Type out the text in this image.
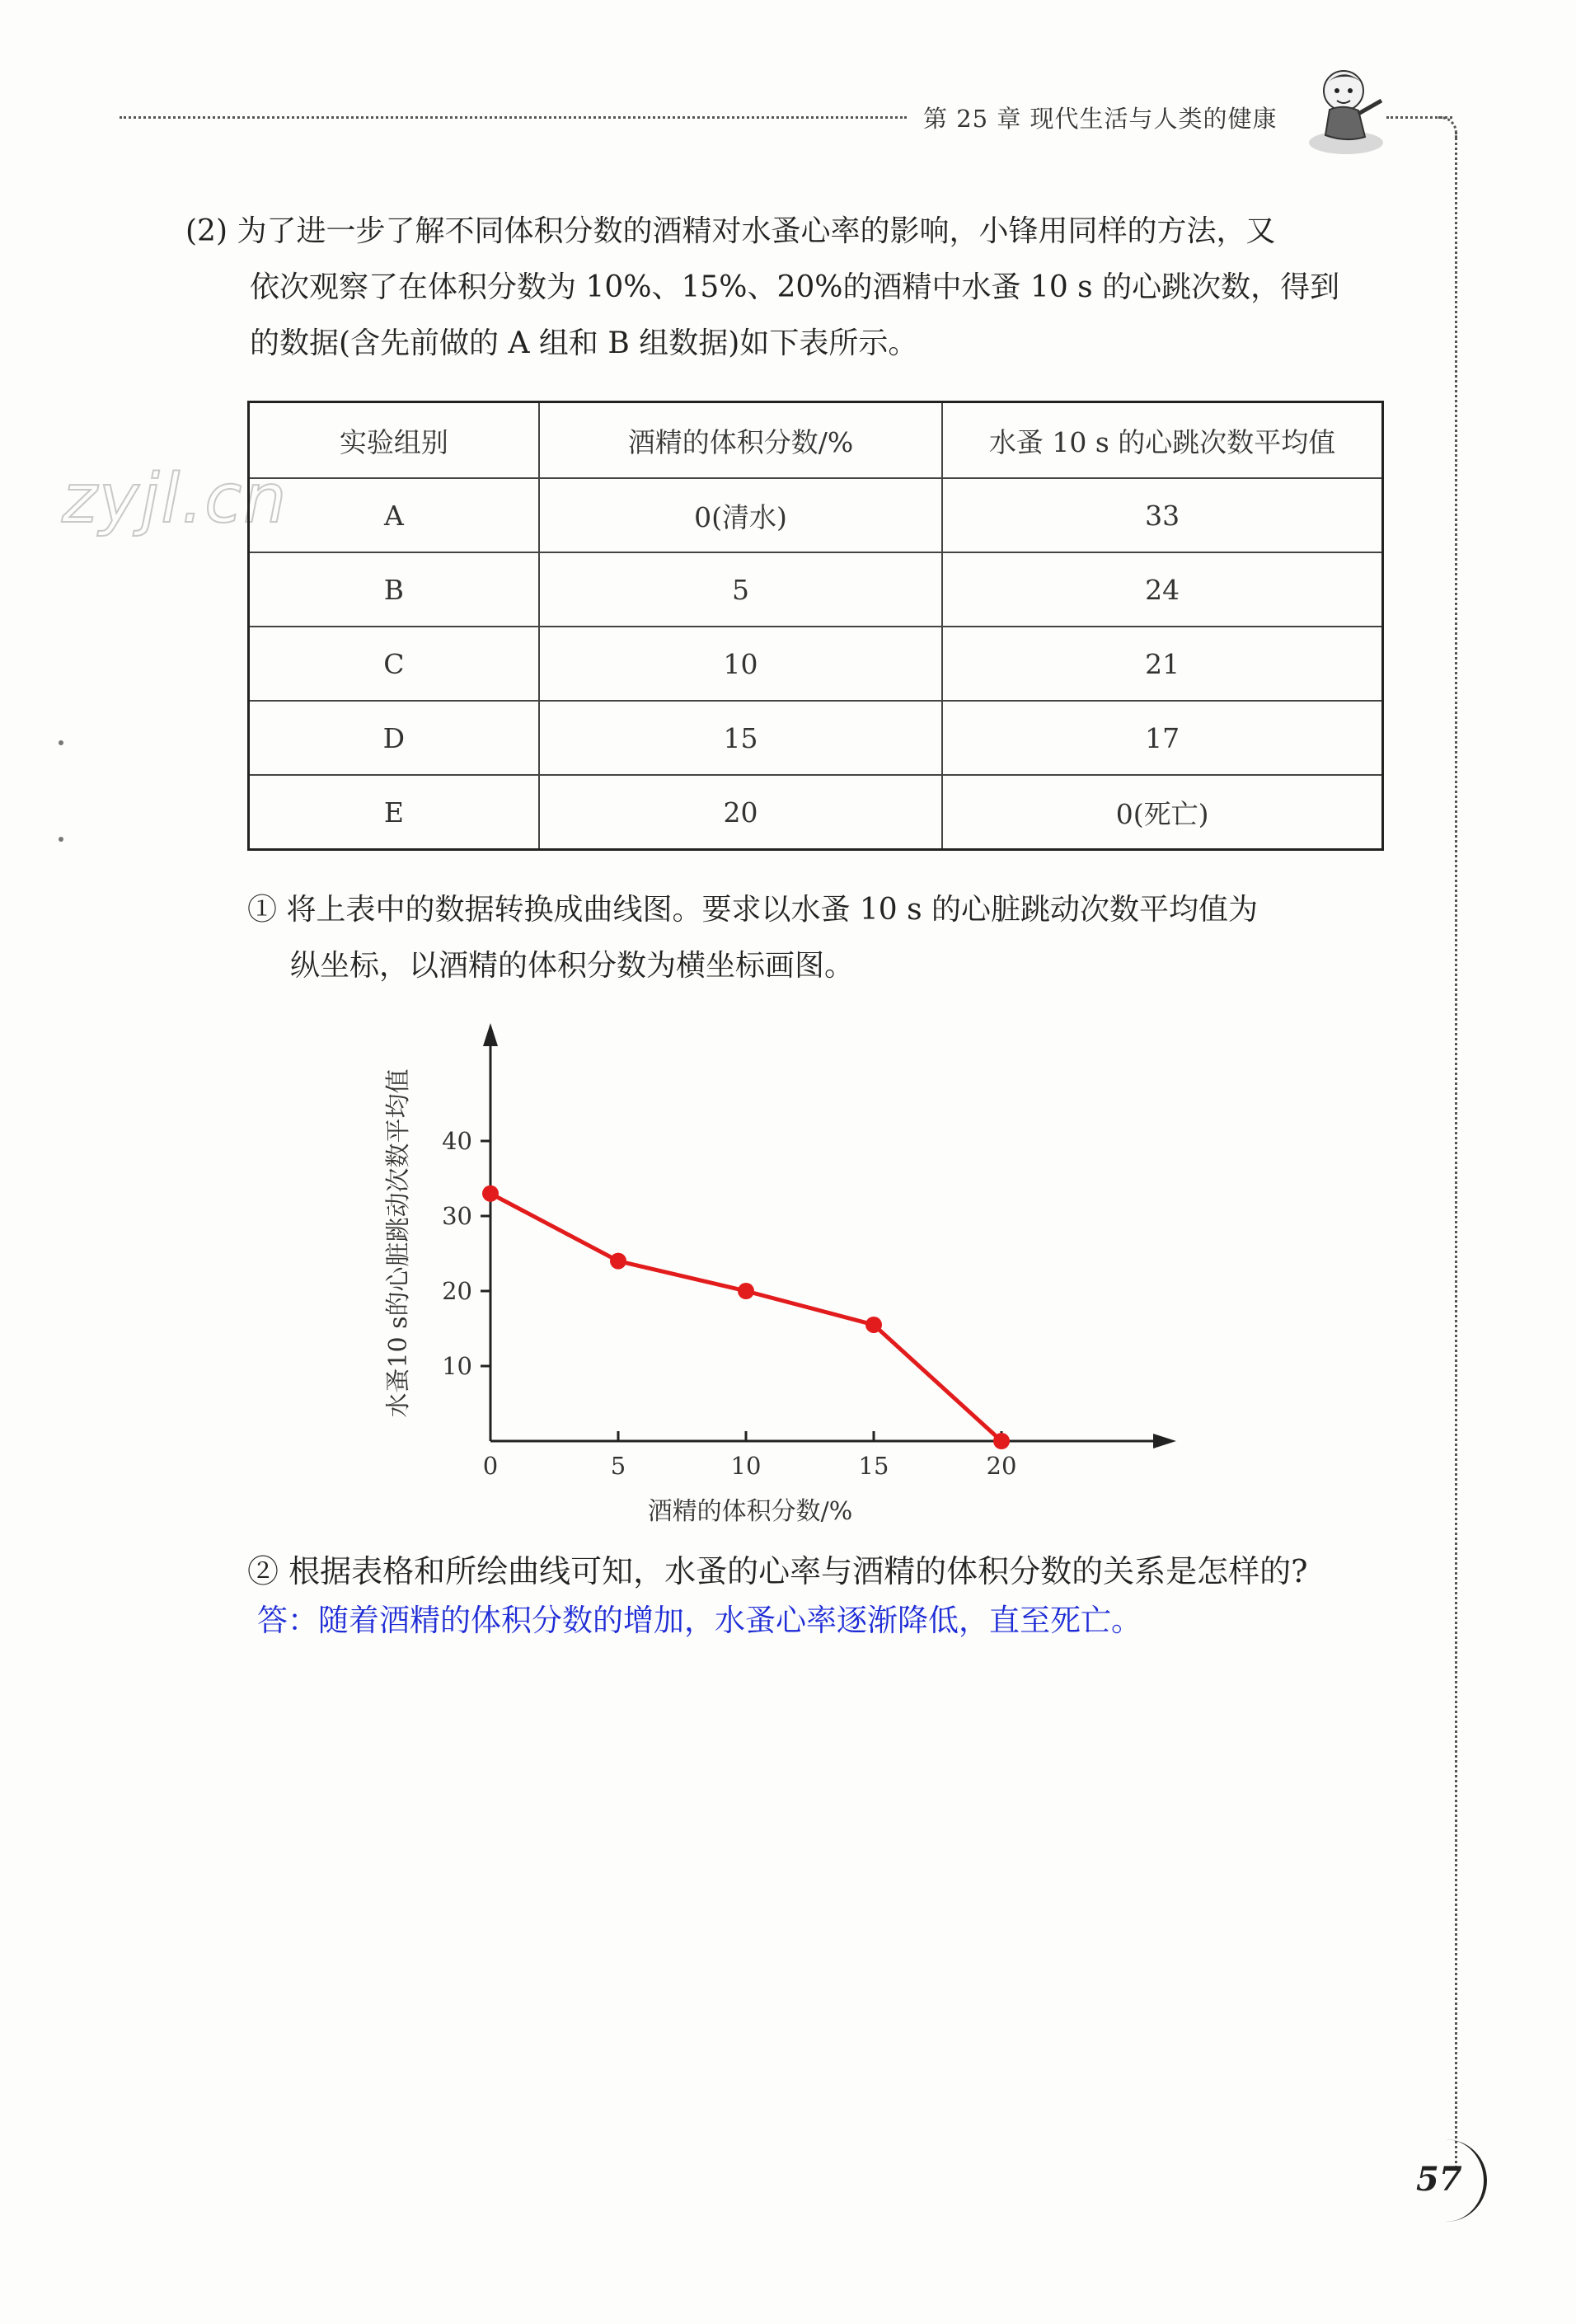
第 25 章 现代生活与人类的健康
zyjl.cn
(2) 为了进一步了解不同体积分数的酒精对水蚤心率的影响，小锋用同样的方法，又
依次观察了在体积分数为 10%、15%、20%的酒精中水蚤 10 s 的心跳次数，得到
的数据(含先前做的 A 组和 B 组数据)如下表所示。
实验组别	酒精的体积分数/%	水蚤 10 s 的心跳次数平均值
A	0(清水)	33
B	5	24
C	10	21
D	15	17
E	20	0(死亡)
① 将上表中的数据转换成曲线图。要求以水蚤 10 s 的心脏跳动次数平均值为
纵坐标，以酒精的体积分数为横坐标画图。
0	5	10	15	20
10
20
30
40
酒精的体积分数/%
水蚤10 s的心脏跳动次数平均值
② 根据表格和所绘曲线可知，水蚤的心率与酒精的体积分数的关系是怎样的?
答：随着酒精的体积分数的增加，水蚤心率逐渐降低，直至死亡。
57
